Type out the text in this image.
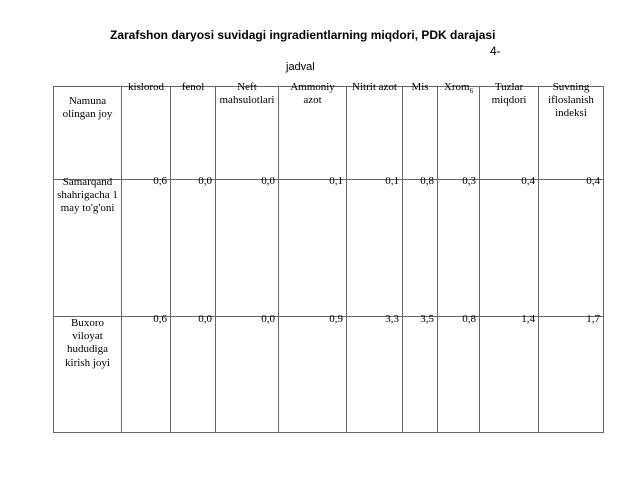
Zarafshon daryosi suvidagi ingradientlarning miqdori, PDK darajasi
4-
jadval
Namuna olingan joy	kislorod	fenol	Neft mahsulotlari	Ammoniy azot	Nitrit azot	Mis	Xrom$_6$	Tuzlar miqdori	Suvning ifloslanish indeksi

Samarqand shahrigacha 1 may to'g'oni	0,6	0,0	0,0	0,1	0,1	0,8	0,3	0,4	0,4

Buxoro viloyat hududiga kirish joyi	0,6	0,0	0,0	0,9	3,3	3,5	0,8	1,4	1,7
